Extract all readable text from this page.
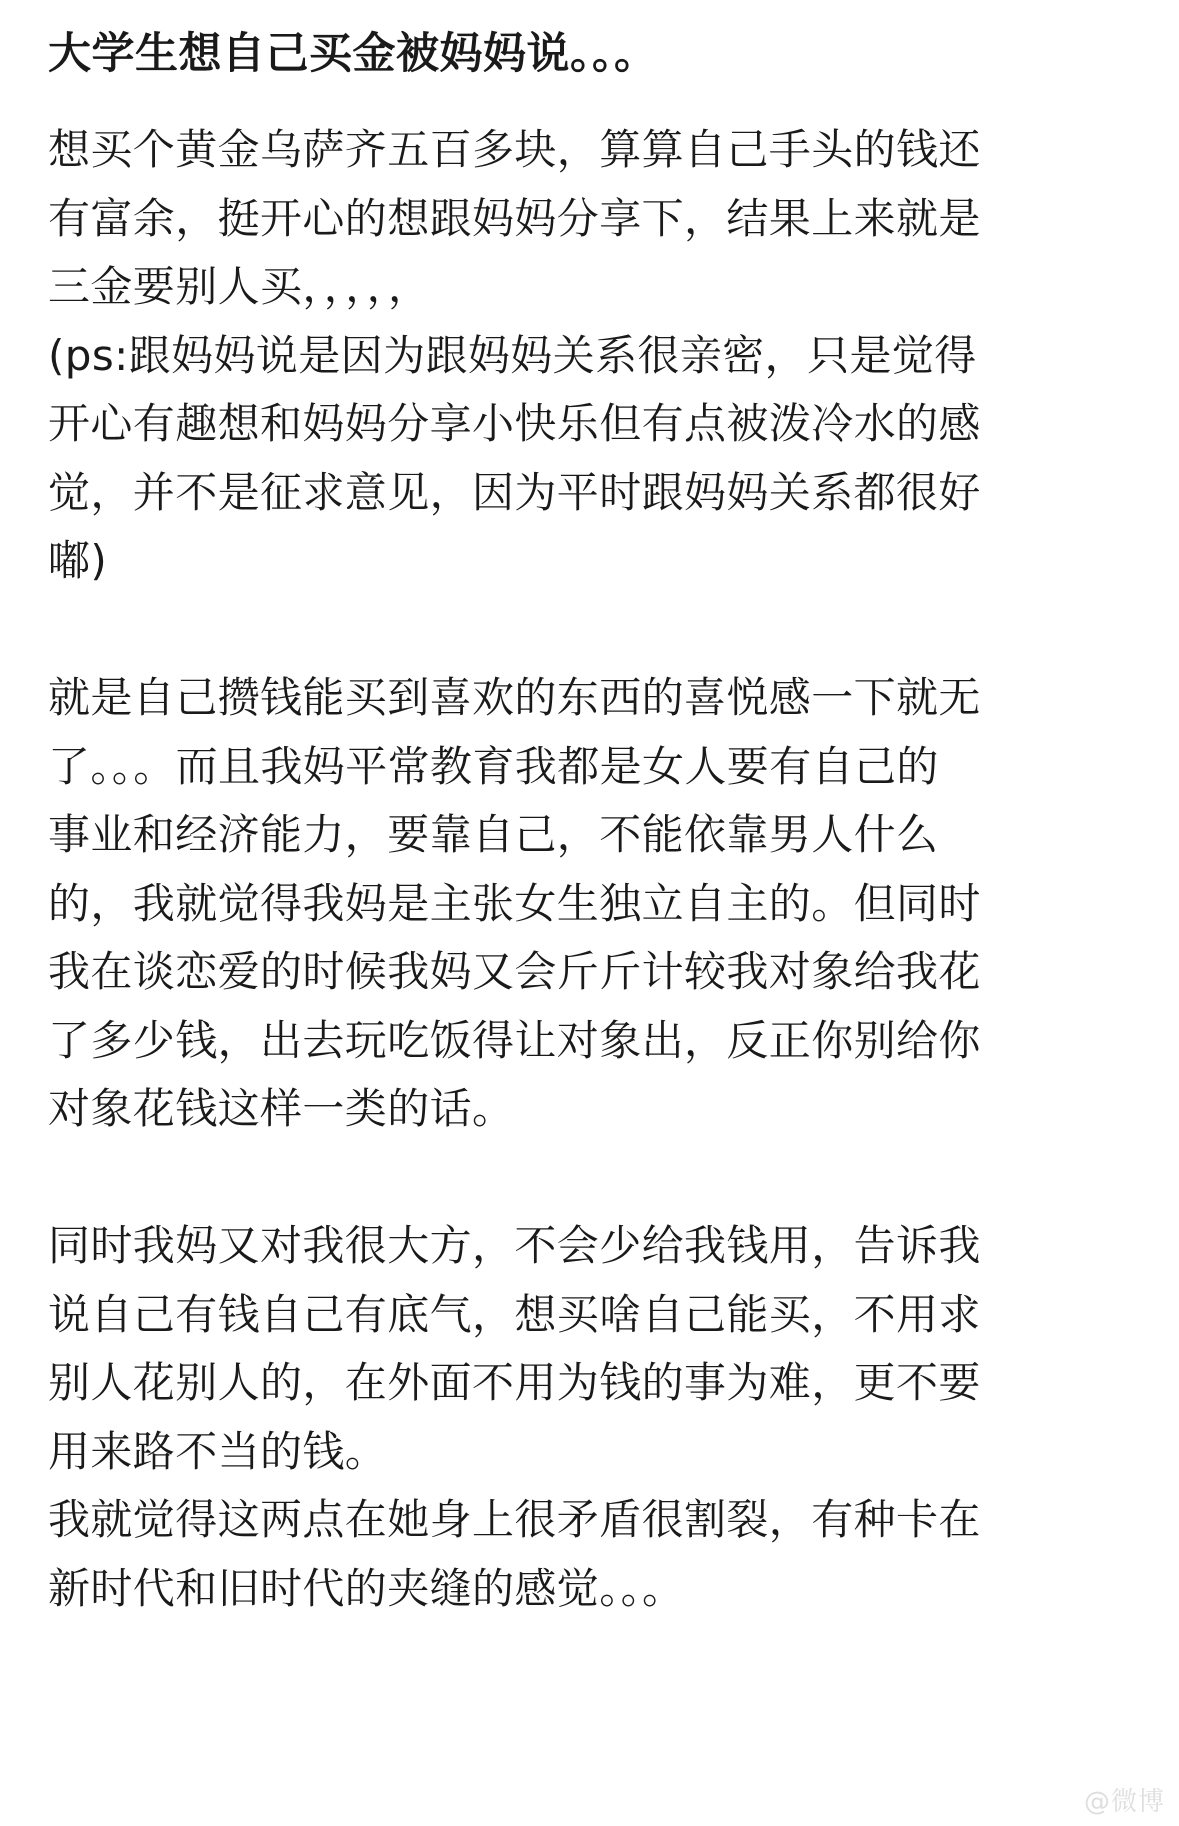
大学生想自己买金被妈妈说。。。
想买个黄金乌萨齐五百多块，算算自己手头的钱还
有富余，挺开心的想跟妈妈分享下，结果上来就是
三金要别人买，，，，，
(ps:跟妈妈说是因为跟妈妈关系很亲密，只是觉得
开心有趣想和妈妈分享小快乐但有点被泼冷水的感
觉，并不是征求意见，因为平时跟妈妈关系都很好
嘟)
就是自己攒钱能买到喜欢的东西的喜悦感一下就无
了。。。而且我妈平常教育我都是女人要有自己的
事业和经济能力，要靠自己，不能依靠男人什么
的，我就觉得我妈是主张女生独立自主的。但同时
我在谈恋爱的时候我妈又会斤斤计较我对象给我花
了多少钱，出去玩吃饭得让对象出，反正你别给你
对象花钱这样一类的话。
同时我妈又对我很大方，不会少给我钱用，告诉我
说自己有钱自己有底气，想买啥自己能买，不用求
别人花别人的，在外面不用为钱的事为难，更不要
用来路不当的钱。
我就觉得这两点在她身上很矛盾很割裂，有种卡在
新时代和旧时代的夹缝的感觉。。。
@微博
